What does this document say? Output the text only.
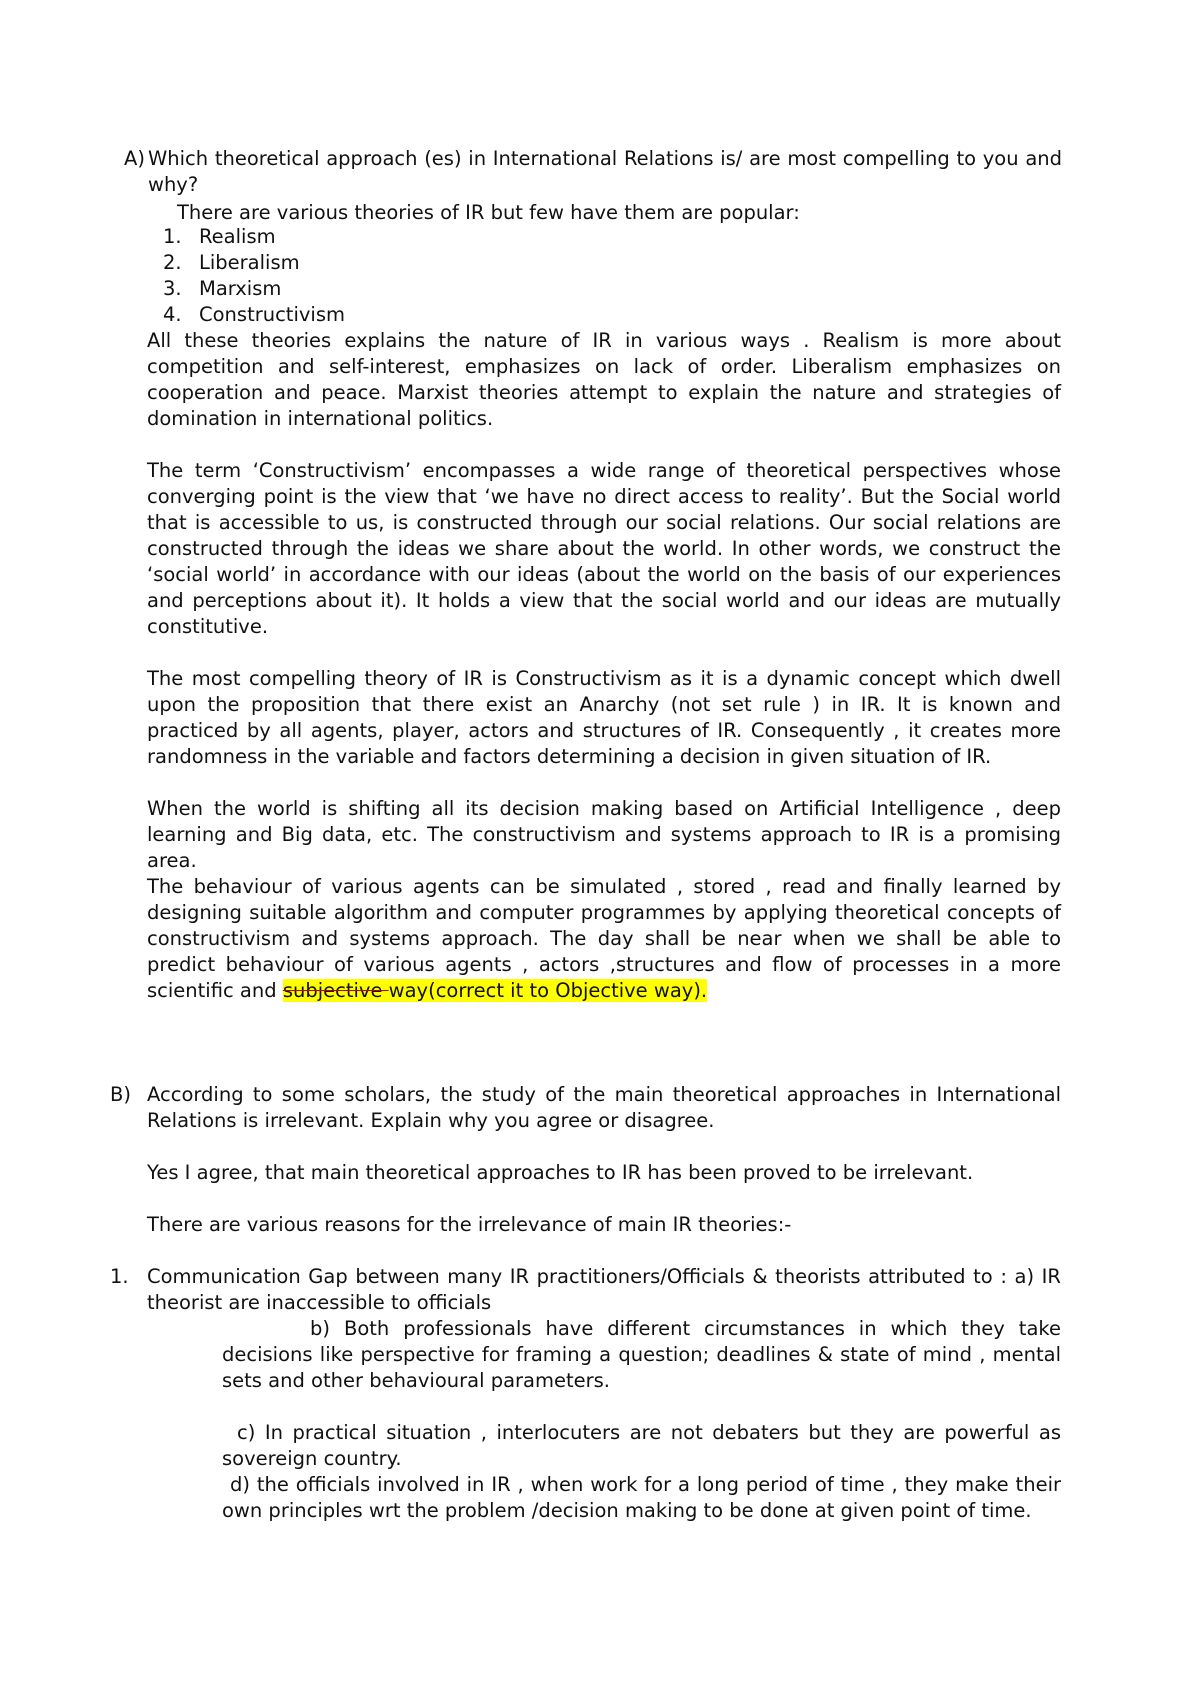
A) Which theoretical approach (es) in International Relations is/ are most compelling to you and why?

There are various theories of IR but few have them are popular:

1. Realism
2. Liberalism
3. Marxism
4. Constructivism

All these theories explains the nature of IR in various ways . Realism is more about competition and self-interest, emphasizes on lack of order. Liberalism emphasizes on cooperation and peace. Marxist theories attempt to explain the nature and strategies of domination in international politics.

The term ‘Constructivism’ encompasses a wide range of theoretical perspectives whose converging point is the view that ‘we have no direct access to reality’. But the Social world that is accessible to us, is constructed through our social relations. Our social relations are constructed through the ideas we share about the world. In other words, we construct the ‘social world’ in accordance with our ideas (about the world on the basis of our experiences and perceptions about it). It holds a view that the social world and our ideas are mutually constitutive.

The most compelling theory of IR is Constructivism as it is a dynamic concept which dwell upon the proposition that there exist an Anarchy (not set rule ) in IR. It is known and practiced by all agents, player, actors and structures of IR. Consequently , it creates more randomness in the variable and factors determining a decision in given situation of IR.

When the world is shifting all its decision making based on Artificial Intelligence , deep learning and Big data, etc. The constructivism and systems approach to IR is a promising area.

The behaviour of various agents can be simulated , stored , read and finally learned by designing suitable algorithm and computer programmes by applying theoretical concepts of constructivism and systems approach. The day shall be near when we shall be able to predict behaviour of various agents , actors ,structures and flow of processes in a more scientific and subjective way(correct it to Objective way).

B) According to some scholars, the study of the main theoretical approaches in International Relations is irrelevant. Explain why you agree or disagree.

Yes I agree, that main theoretical approaches to IR has been proved to be irrelevant.

There are various reasons for the irrelevance of main IR theories:-

1. Communication Gap between many IR practitioners/Officials & theorists attributed to : a) IR theorist are inaccessible to officials

b) Both professionals have different circumstances in which they take decisions like perspective for framing a question; deadlines & state of mind , mental sets and other behavioural parameters.

c) In practical situation , interlocuters are not debaters but they are powerful as sovereign country.

d) the officials involved in IR , when work for a long period of time , they make their own principles wrt the problem /decision making to be done at given point of time.
